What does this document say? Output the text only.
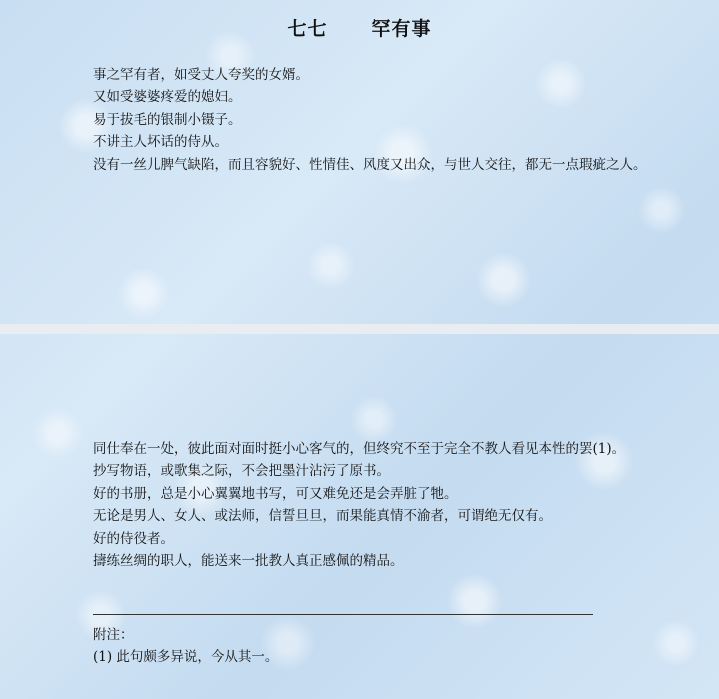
七七 罕有事

事之罕有者，如受丈人夸奖的女婿。

又如受婆婆疼爱的媳妇。

易于拔毛的银制小镊子。

不讲主人坏话的侍从。

没有一丝儿脾气缺陷，而且容貌好、性情佳、风度又出众，与世人交往，都无一点瑕疵之人。

同仕奉在一处，彼此面对面时挺小心客气的，但终究不至于完全不教人看见本性的罢(1)。

抄写物语，或歌集之际，不会把墨汁沾污了原书。

好的书册，总是小心翼翼地书写，可又难免还是会弄脏了牠。

无论是男人、女人、或法师，信誓旦旦，而果能真情不渝者，可谓绝无仅有。

好的侍役者。

擣练丝绸的职人，能送来一批教人真正感佩的精品。

附注：

(1) 此句颇多异说，今从其一。
